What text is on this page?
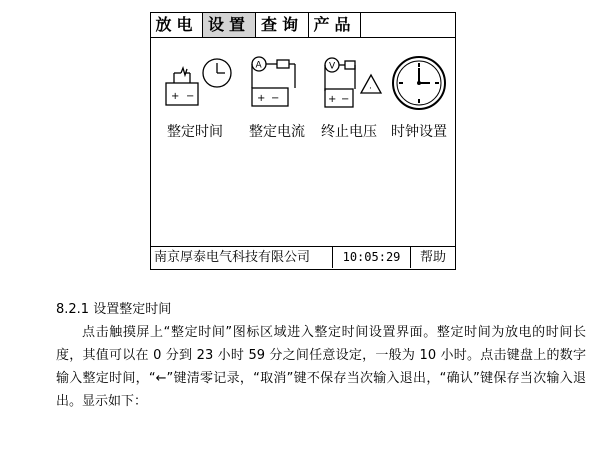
放电 设置 查询 产品
+ −
整定时间
A
+ −
整定电流
V
+ −
·
终止电压	时钟设置
南京厚泰电气科技有限公司	10:05:29	帮助

8.2.1 设置整定时间

点击触摸屏上“整定时间”图标区域进入整定时间设置界面。整定时间为放电的时间长度，其值可以在 0 分到 23 小时 59 分之间任意设定，一般为 10 小时。点击键盘上的数字输入整定时间，“←”键清零记录，“取消”键不保存当次输入退出，“确认”键保存当次输入退出。显示如下：
